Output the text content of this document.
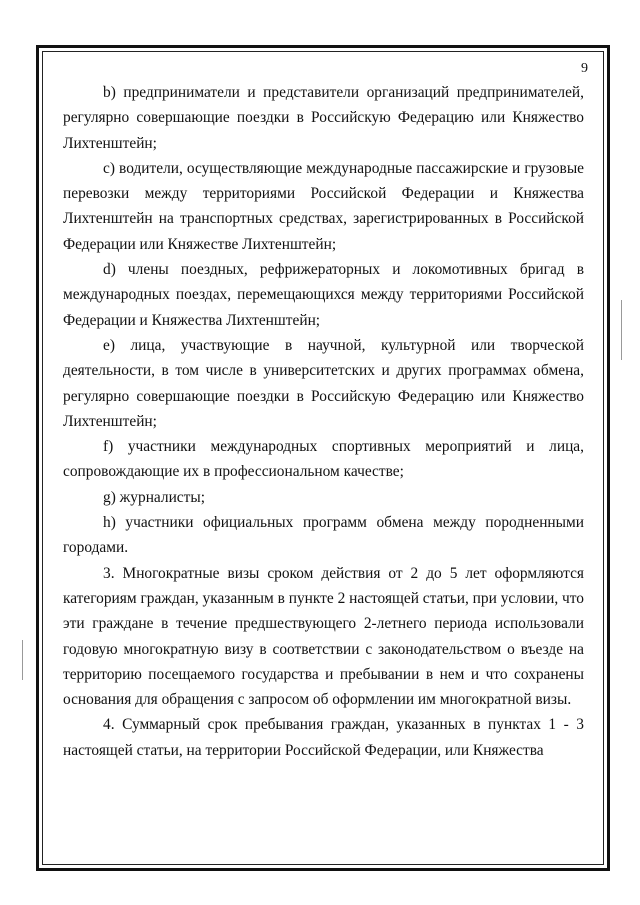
9

b) предприниматели и представители организаций предпринимателей, регулярно совершающие поездки в Российскую Федерацию или Княжество Лихтенштейн;

c) водители, осуществляющие международные пассажирские и грузовые перевозки между территориями Российской Федерации и Княжества Лихтенштейн на транспортных средствах, зарегистрированных в Российской Федерации или Княжестве Лихтенштейн;

d) члены поездных, рефрижераторных и локомотивных бригад в международных поездах, перемещающихся между территориями Российской Федерации и Княжества Лихтенштейн;

e) лица, участвующие в научной, культурной или творческой деятельности, в том числе в университетских и других программах обмена, регулярно совершающие поездки в Российскую Федерацию или Княжество Лихтенштейн;

f) участники международных спортивных мероприятий и лица, сопровождающие их в профессиональном качестве;

g) журналисты;

h) участники официальных программ обмена между породненными городами.

3. Многократные визы сроком действия от 2 до 5 лет оформляются категориям граждан, указанным в пункте 2 настоящей статьи, при условии, что эти граждане в течение предшествующего 2-летнего периода использовали годовую многократную визу в соответствии с законодательством о въезде на территорию посещаемого государства и пребывании в нем и что сохранены основания для обращения с запросом об оформлении им многократной визы.

4. Суммарный срок пребывания граждан, указанных в пунктах 1 - 3 настоящей статьи, на территории Российской Федерации, или Княжества
